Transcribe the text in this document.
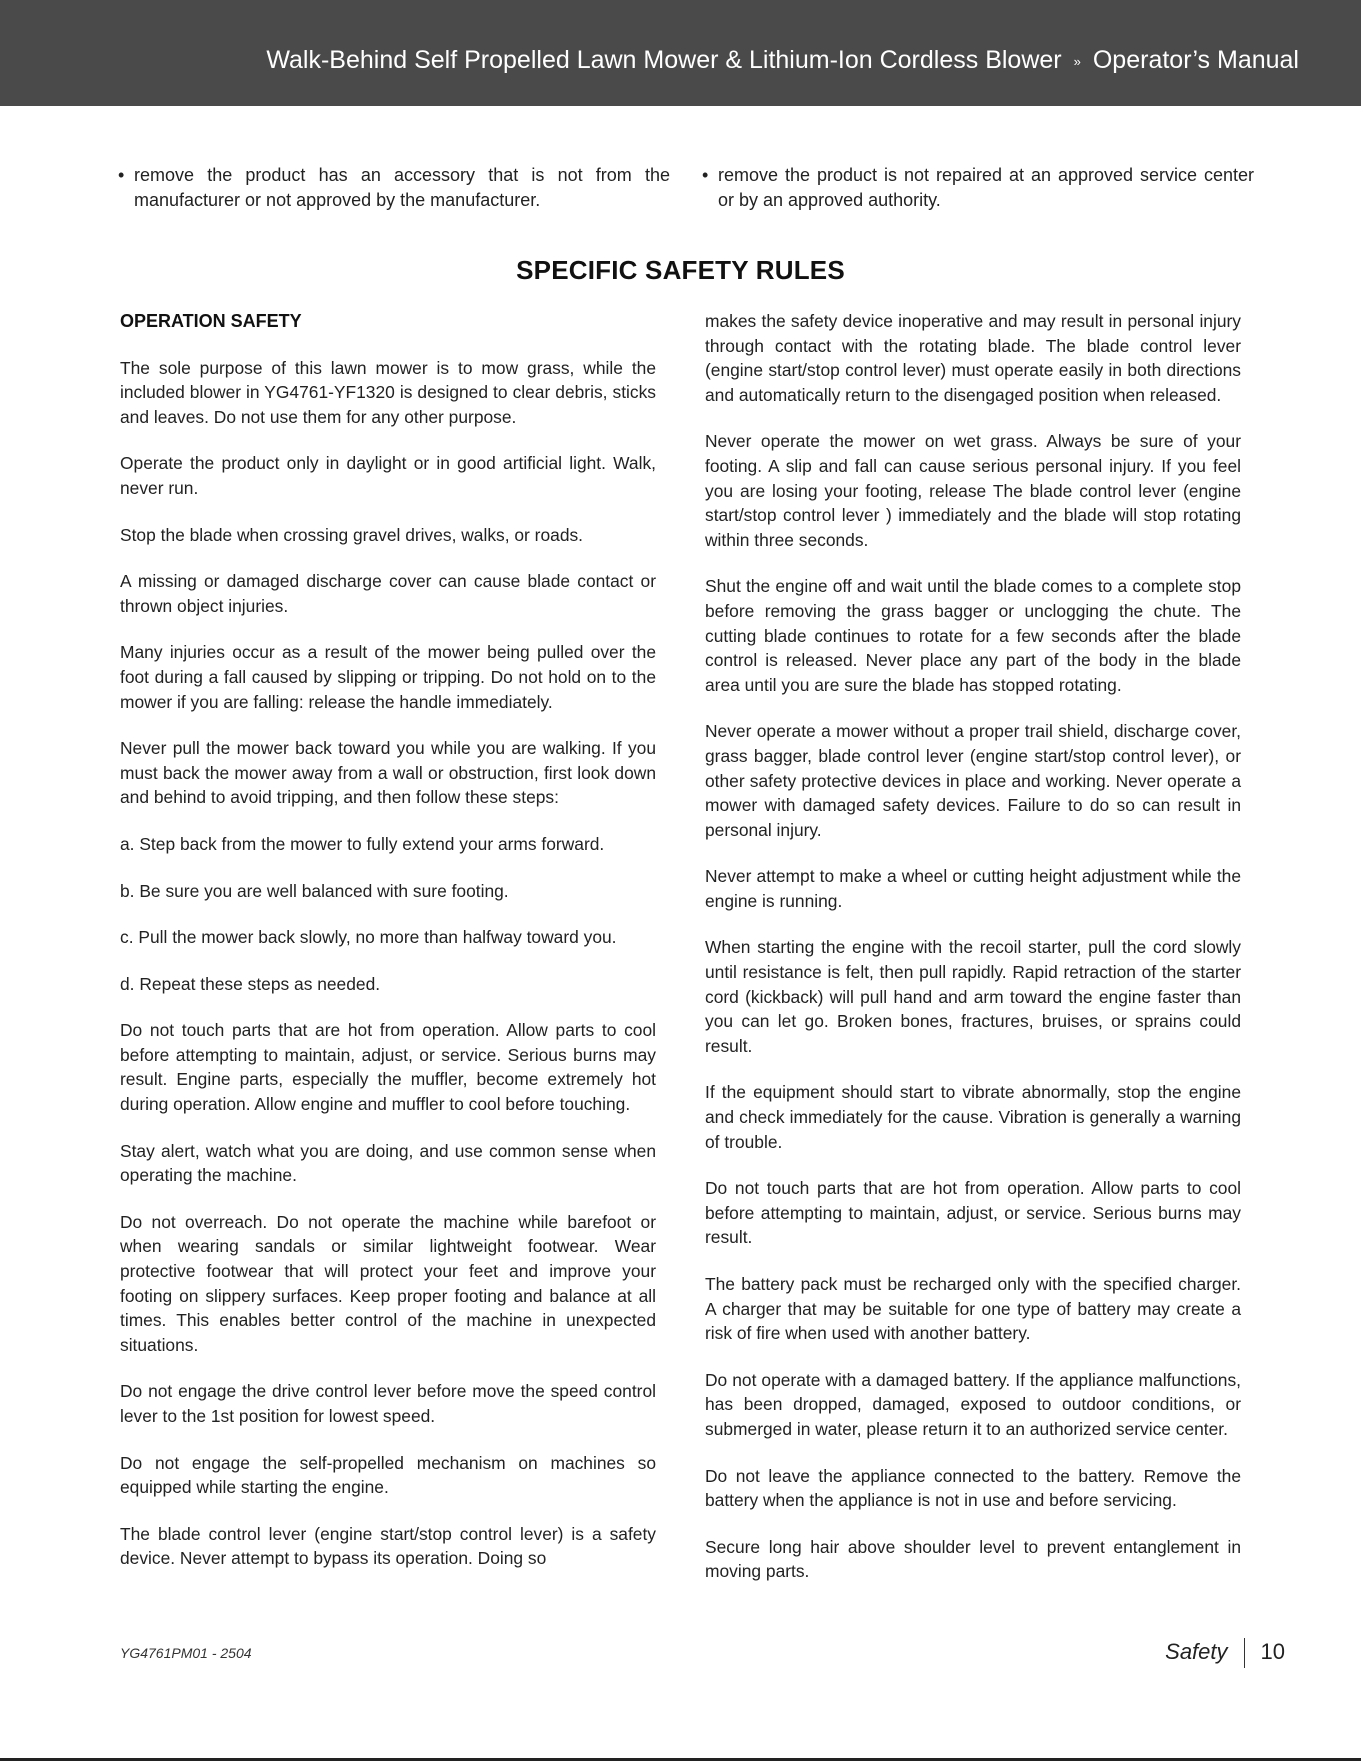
Walk-Behind Self Propelled Lawn Mower & Lithium-Ion Cordless Blower » Operator’s Manual
• remove the product has an accessory that is not from the manufacturer or not approved by the manufacturer.
• remove the product is not repaired at an approved service center or by an approved authority.
SPECIFIC SAFETY RULES

OPERATION SAFETY

The sole purpose of this lawn mower is to mow grass, while the included blower in YG4761-YF1320 is designed to clear debris, sticks and leaves. Do not use them for any other purpose.

Operate the product only in daylight or in good artificial light. Walk, never run.

Stop the blade when crossing gravel drives, walks, or roads.

A missing or damaged discharge cover can cause blade contact or thrown object injuries.

Many injuries occur as a result of the mower being pulled over the foot during a fall caused by slipping or tripping. Do not hold on to the mower if you are falling: release the handle immediately.

Never pull the mower back toward you while you are walking. If you must back the mower away from a wall or obstruction, first look down and behind to avoid tripping, and then follow these steps:

a. Step back from the mower to fully extend your arms forward.

b. Be sure you are well balanced with sure footing.

c. Pull the mower back slowly, no more than halfway toward you.

d. Repeat these steps as needed.

Do not touch parts that are hot from operation. Allow parts to cool before attempting to maintain, adjust, or service. Serious burns may result. Engine parts, especially the muffler, become extremely hot during operation. Allow engine and muffler to cool before touching.

Stay alert, watch what you are doing, and use common sense when operating the machine.

Do not overreach. Do not operate the machine while barefoot or when wearing sandals or similar lightweight footwear. Wear protective footwear that will protect your feet and improve your footing on slippery surfaces. Keep proper footing and balance at all times. This enables better control of the machine in unexpected situations.

Do not engage the drive control lever before move the speed control lever to the 1st position for lowest speed.

Do not engage the self-propelled mechanism on machines so equipped while starting the engine.

The blade control lever (engine start/stop control lever) is a safety device. Never attempt to bypass its operation. Doing so

makes the safety device inoperative and may result in personal injury through contact with the rotating blade. The blade control lever (engine start/stop control lever) must operate easily in both directions and automatically return to the disengaged position when released.

Never operate the mower on wet grass. Always be sure of your footing. A slip and fall can cause serious personal injury. If you feel you are losing your footing, release The blade control lever (engine start/stop control lever ) immediately and the blade will stop rotating within three seconds.

Shut the engine off and wait until the blade comes to a complete stop before removing the grass bagger or unclogging the chute. The cutting blade continues to rotate for a few seconds after the blade control is released. Never place any part of the body in the blade area until you are sure the blade has stopped rotating.

Never operate a mower without a proper trail shield, discharge cover, grass bagger, blade control lever (engine start/stop control lever), or other safety protective devices in place and working. Never operate a mower with damaged safety devices. Failure to do so can result in personal injury.

Never attempt to make a wheel or cutting height adjustment while the engine is running.

When starting the engine with the recoil starter, pull the cord slowly until resistance is felt, then pull rapidly. Rapid retraction of the starter cord (kickback) will pull hand and arm toward the engine faster than you can let go. Broken bones, fractures, bruises, or sprains could result.

If the equipment should start to vibrate abnormally, stop the engine and check immediately for the cause. Vibration is generally a warning of trouble.

Do not touch parts that are hot from operation. Allow parts to cool before attempting to maintain, adjust, or service. Serious burns may result.

The battery pack must be recharged only with the specified charger. A charger that may be suitable for one type of battery may create a risk of fire when used with another battery.

Do not operate with a damaged battery. If the appliance malfunctions, has been dropped, damaged, exposed to outdoor conditions, or submerged in water, please return it to an authorized service center.

Do not leave the appliance connected to the battery. Remove the battery when the appliance is not in use and before servicing.

Secure long hair above shoulder level to prevent entanglement in moving parts.

YG4761PM01 - 2504	Safety 10
